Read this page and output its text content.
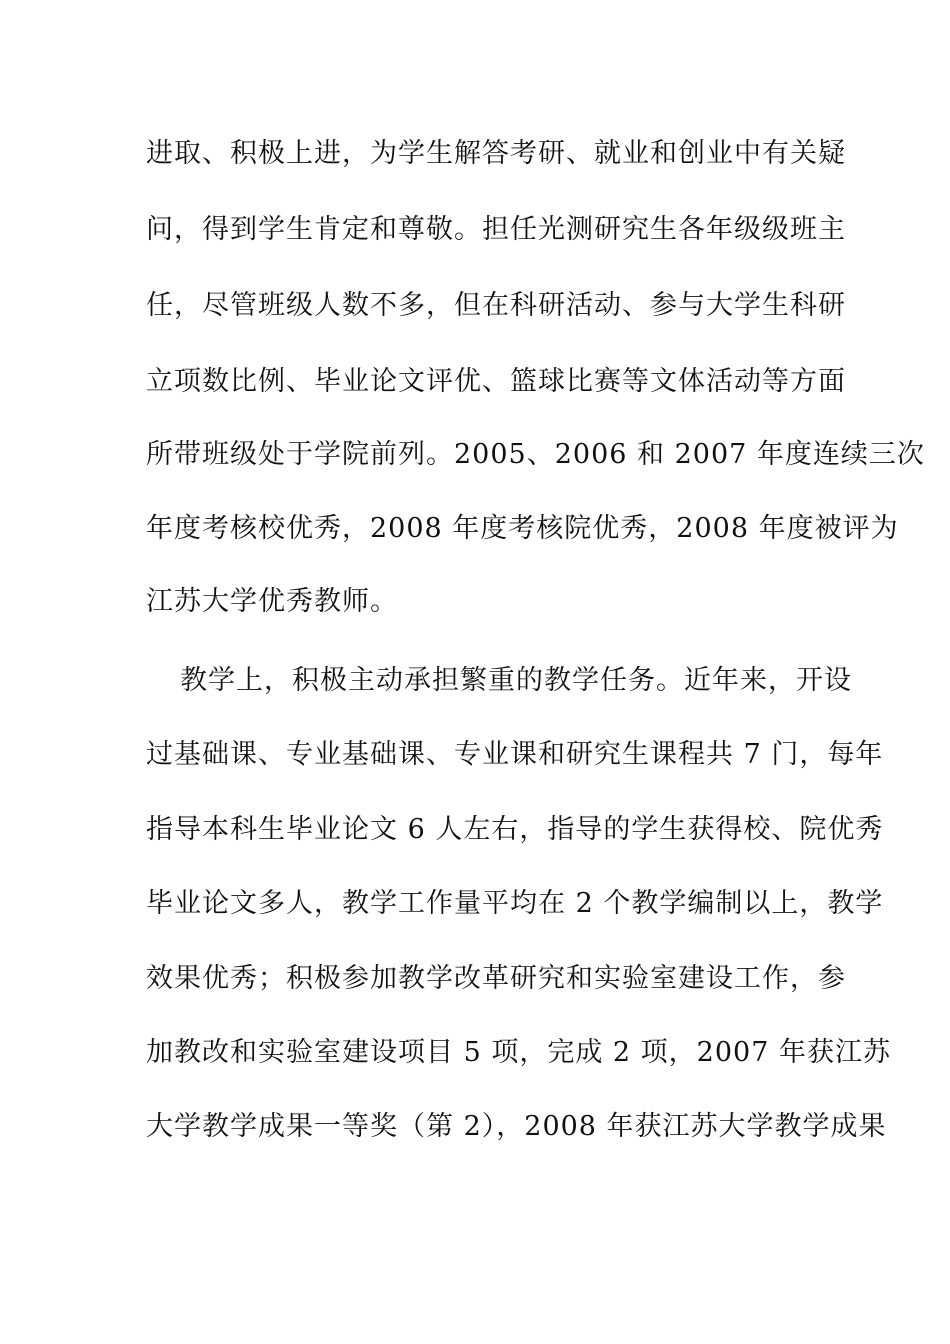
进取、积极上进，为学生解答考研、就业和创业中有关疑
问，得到学生肯定和尊敬。担任光测研究生各年级级班主
任，尽管班级人数不多，但在科研活动、参与大学生科研
立项数比例、毕业论文评优、篮球比赛等文体活动等方面
所带班级处于学院前列。2005、2006 和 2007 年度连续三次
年度考核校优秀，2008 年度考核院优秀，2008 年度被评为
江苏大学优秀教师。
教学上，积极主动承担繁重的教学任务。近年来，开设
过基础课、专业基础课、专业课和研究生课程共 7 门，每年
指导本科生毕业论文 6 人左右，指导的学生获得校、院优秀
毕业论文多人，教学工作量平均在 2 个教学编制以上，教学
效果优秀；积极参加教学改革研究和实验室建设工作，参
加教改和实验室建设项目 5 项，完成 2 项，2007 年获江苏
大学教学成果一等奖（第 2），2008 年获江苏大学教学成果
